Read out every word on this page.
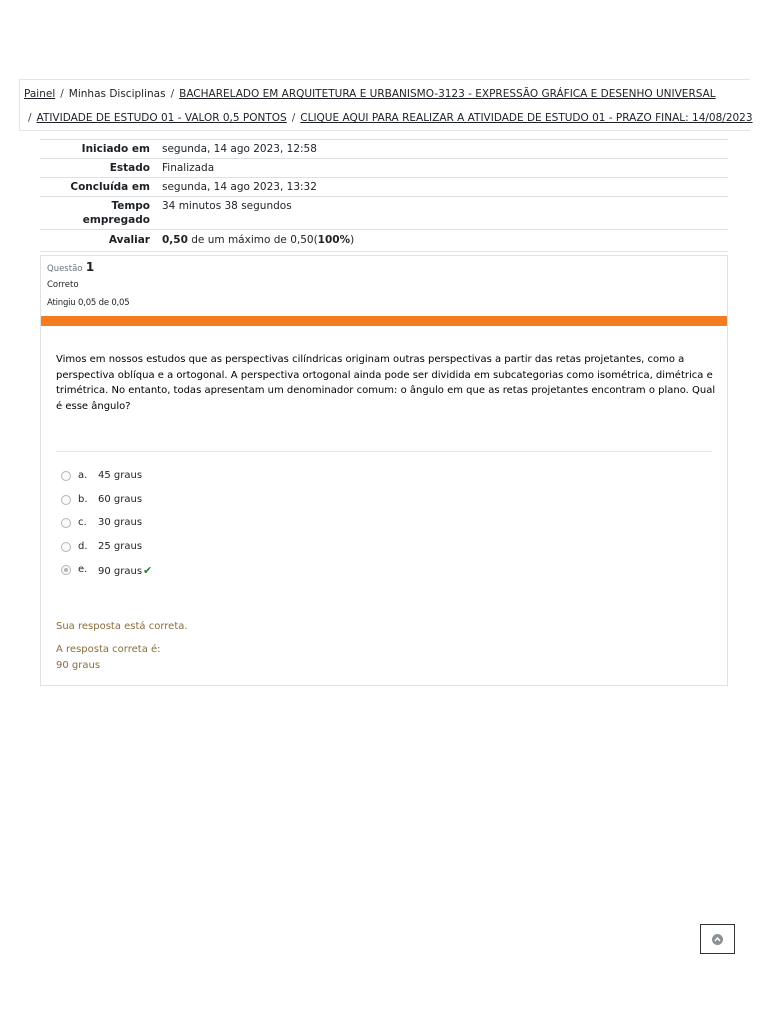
Painel / Minhas Disciplinas / BACHARELADO EM ARQUITETURA E URBANISMO-3123 - EXPRESSÃO GRÁFICA E DESENHO UNIVERSAL
/ ATIVIDADE DE ESTUDO 01 - VALOR 0,5 PONTOS / CLIQUE AQUI PARA REALIZAR A ATIVIDADE DE ESTUDO 01 - PRAZO FINAL: 14/08/2023
Iniciado em	segunda, 14 ago 2023, 12:58
Estado	Finalizada
Concluída em	segunda, 14 ago 2023, 13:32
Tempo
empregado	34 minutos 38 segundos
Avaliar	0,50 de um máximo de 0,50(100%)
Questão 1
Correto
Atingiu 0,05 de 0,05
Vimos em nossos estudos que as perspectivas cilíndricas originam outras perspectivas a partir das retas projetantes, como a perspectiva oblíqua e a ortogonal. A perspectiva ortogonal ainda pode ser dividida em subcategorias como isométrica, dimétrica e trimétrica. No entanto, todas apresentam um denominador comum: o ângulo em que as retas projetantes encontram o plano. Qual é esse ângulo?
a. 45 graus
b. 60 graus
c. 30 graus
d. 25 graus
e. 90 graus✔
Sua resposta está correta.
A resposta correta é:
90 graus
